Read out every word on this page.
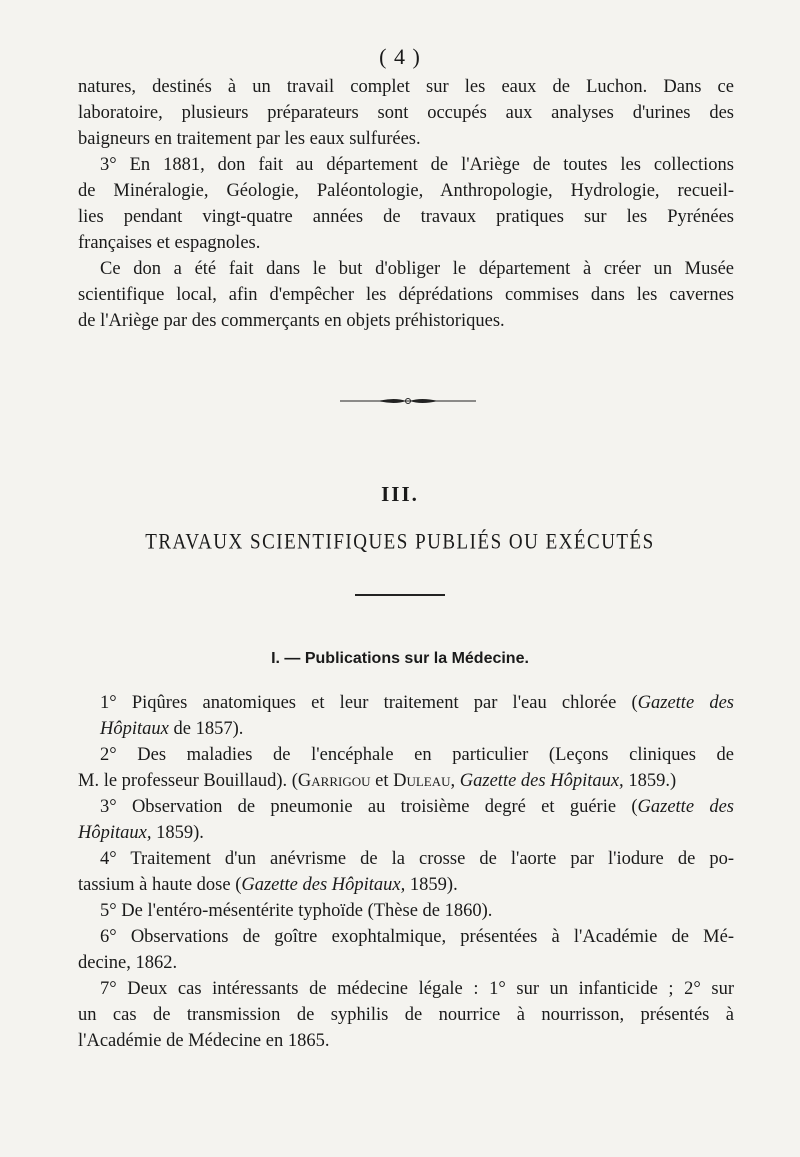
( 4 )

natures, destinés à un travail complet sur les eaux de Luchon. Dans ce
laboratoire, plusieurs préparateurs sont occupés aux analyses d'urines des
baigneurs en traitement par les eaux sulfurées.

3° En 1881, don fait au département de l'Ariège de toutes les collections

de Minéralogie, Géologie, Paléontologie, Anthropologie, Hydrologie, recueil-
lies pendant vingt-quatre années de travaux pratiques sur les Pyrénées
françaises et espagnoles.

Ce don a été fait dans le but d'obliger le département à créer un Musée

scientifique local, afin d'empêcher les déprédations commises dans les cavernes
de l'Ariège par des commerçants en objets préhistoriques.

III.
TRAVAUX SCIENTIFIQUES PUBLIÉS OU EXÉCUTÉS
I. — Publications sur la Médecine.

1° Piqûres anatomiques et leur traitement par l'eau chlorée (Gazette des
Hôpitaux de 1857).

2° Des maladies de l'encéphale en particulier (Leçons cliniques de
M. le professeur Bouillaud). (Garrigou et Duleau, Gazette des Hôpitaux, 1859.)

3° Observation de pneumonie au troisième degré et guérie (Gazette des
Hôpitaux, 1859).

4° Traitement d'un anévrisme de la crosse de l'aorte par l'iodure de po-
tassium à haute dose (Gazette des Hôpitaux, 1859).

5° De l'entéro-mésentérite typhoïde (Thèse de 1860).

6° Observations de goître exophtalmique, présentées à l'Académie de Mé-
decine, 1862.

7° Deux cas intéressants de médecine légale : 1° sur un infanticide ; 2° sur
un cas de transmission de syphilis de nourrice à nourrisson, présentés à
l'Académie de Médecine en 1865.
